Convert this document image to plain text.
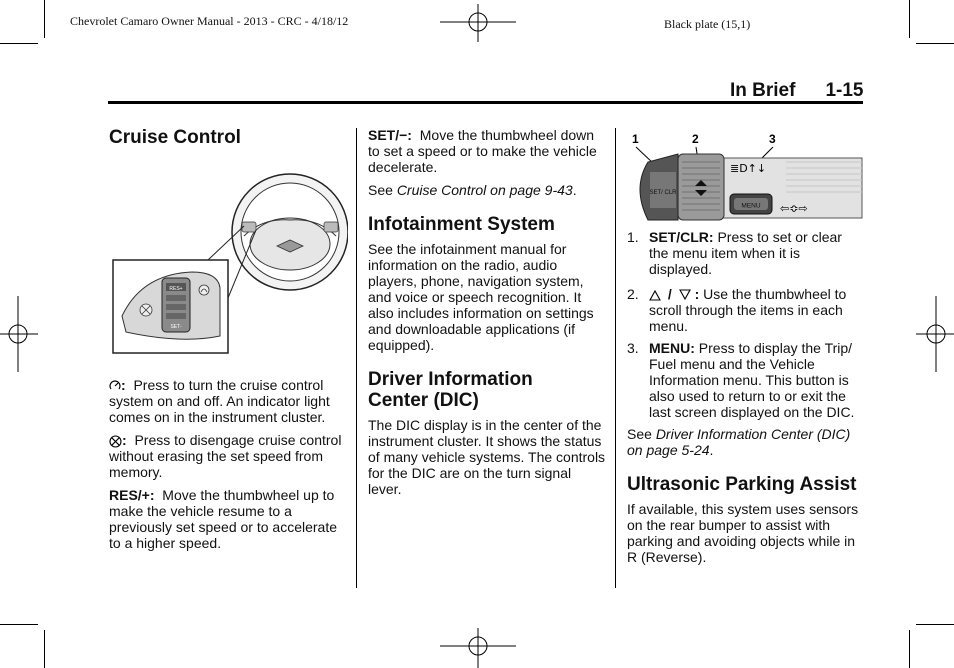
Chevrolet Camaro Owner Manual - 2013 - CRC - 4/18/12	Black plate (15,1)
In Brief 1-15
Cruise Control
RES+
SET-

: Press to turn the cruise control system on and off. An indicator light comes on in the instrument cluster.

: Press to disengage cruise control without erasing the set speed from memory.

RES/+: Move the thumbwheel up to make the vehicle resume to a previously set speed or to accelerate to a higher speed.

SET/−: Move the thumbwheel down to set a speed or to make the vehicle decelerate.

See Cruise Control on page 9-43.

Infotainment System

See the infotainment manual for information on the radio, audio players, phone, navigation system, and voice or speech recognition. It also includes information on settings and downloadable applications (if equipped).

Driver Information Center (DIC)

The DIC display is in the center of the instrument cluster. It shows the status of many vehicle systems. The controls for the DIC are on the turn signal lever.

1	2	3
SET/ CLR
MENU
≣D↑↓
⇦≎⇨
1. SET/CLR: Press to set or clear the menu item when it is displayed.
2. / : Use the thumbwheel to scroll through the items in each menu.
3. MENU: Press to display the Trip/ Fuel menu and the Vehicle Information menu. This button is also used to return to or exit the last screen displayed on the DIC.

See Driver Information Center (DIC) on page 5-24.

Ultrasonic Parking Assist

If available, this system uses sensors on the rear bumper to assist with parking and avoiding objects while in R (Reverse).
